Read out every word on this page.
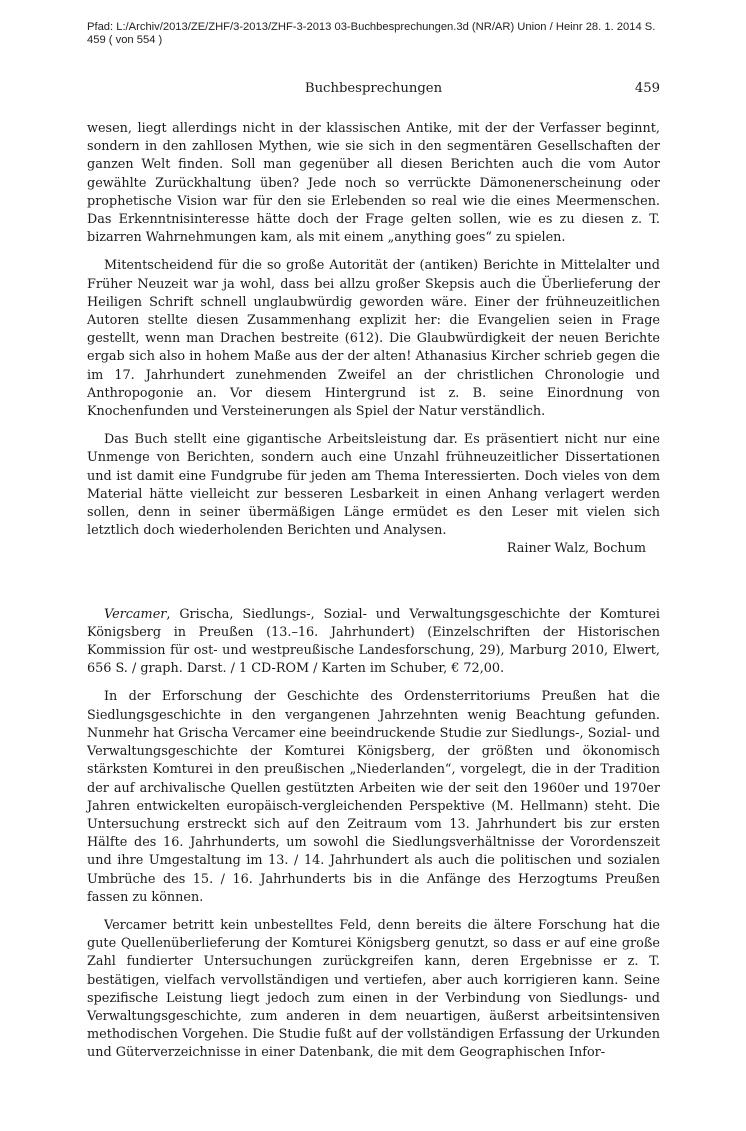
Pfad: L:/Archiv/2013/ZE/ZHF/3-2013/ZHF-3-2013 03-Buchbesprechungen.3d (NR/AR) Union / Heinr 28. 1. 2014 S. 459 ( von 554 )
Buchbesprechungen	459

wesen, liegt allerdings nicht in der klassischen Antike, mit der der Verfasser beginnt, sondern in den zahllosen Mythen, wie sie sich in den segmentären Gesellschaften der ganzen Welt finden. Soll man gegenüber all diesen Berichten auch die vom Autor gewählte Zurückhaltung üben? Jede noch so verrückte Dämonenerscheinung oder prophetische Vision war für den sie Erlebenden so real wie die eines Meermenschen. Das Erkenntnisinteresse hätte doch der Frage gelten sollen, wie es zu diesen z. T. bizarren Wahrnehmungen kam, als mit einem „anything goes“ zu spielen.

Mitentscheidend für die so große Autorität der (antiken) Berichte in Mittelalter und Früher Neuzeit war ja wohl, dass bei allzu großer Skepsis auch die Überlieferung der Heiligen Schrift schnell unglaubwürdig geworden wäre. Einer der frühneuzeitlichen Autoren stellte diesen Zusammenhang explizit her: die Evangelien seien in Frage gestellt, wenn man Drachen bestreite (612). Die Glaubwürdigkeit der neuen Berichte ergab sich also in hohem Maße aus der der alten! Athanasius Kircher schrieb gegen die im 17. Jahrhundert zunehmenden Zweifel an der christlichen Chronologie und Anthropogonie an. Vor diesem Hintergrund ist z. B. seine Einordnung von Knochenfunden und Versteinerungen als Spiel der Natur verständlich.

Das Buch stellt eine gigantische Arbeitsleistung dar. Es präsentiert nicht nur eine Unmenge von Berichten, sondern auch eine Unzahl frühneuzeitlicher Dissertationen und ist damit eine Fundgrube für jeden am Thema Interessierten. Doch vieles von dem Material hätte vielleicht zur besseren Lesbarkeit in einen Anhang verlagert werden sollen, denn in seiner übermäßigen Länge ermüdet es den Leser mit vielen sich letztlich doch wiederholenden Berichten und Analysen.

Rainer Walz, Bochum

Vercamer, Grischa, Siedlungs-, Sozial- und Verwaltungsgeschichte der Komturei Königsberg in Preußen (13.–16. Jahrhundert) (Einzelschriften der Historischen Kommission für ost- und westpreußische Landesforschung, 29), Marburg 2010, Elwert, 656 S. / graph. Darst. / 1 CD-ROM / Karten im Schuber, € 72,00.

In der Erforschung der Geschichte des Ordensterritoriums Preußen hat die Siedlungsgeschichte in den vergangenen Jahrzehnten wenig Beachtung gefunden. Nunmehr hat Grischa Vercamer eine beeindruckende Studie zur Siedlungs-, Sozial- und Verwaltungsgeschichte der Komturei Königsberg, der größten und ökonomisch stärksten Komturei in den preußischen „Niederlanden“, vorgelegt, die in der Tradition der auf archivalische Quellen gestützten Arbeiten wie der seit den 1960er und 1970er Jahren entwickelten europäisch-vergleichenden Perspektive (M. Hellmann) steht. Die Untersuchung erstreckt sich auf den Zeitraum vom 13. Jahrhundert bis zur ersten Hälfte des 16. Jahrhunderts, um sowohl die Siedlungsverhältnisse der Vorordenszeit und ihre Umgestaltung im 13. / 14. Jahrhundert als auch die politischen und sozialen Umbrüche des 15. / 16. Jahrhunderts bis in die Anfänge des Herzogtums Preußen fassen zu können.

Vercamer betritt kein unbestelltes Feld, denn bereits die ältere Forschung hat die gute Quellenüberlieferung der Komturei Königsberg genutzt, so dass er auf eine große Zahl fundierter Untersuchungen zurückgreifen kann, deren Ergebnisse er z. T. bestätigen, vielfach vervollständigen und vertiefen, aber auch korrigieren kann. Seine spezifische Leistung liegt jedoch zum einen in der Verbindung von Siedlungs- und Verwaltungsgeschichte, zum anderen in dem neuartigen, äußerst arbeitsintensiven methodischen Vorgehen. Die Studie fußt auf der vollständigen Erfassung der Urkunden und Güterverzeichnisse in einer Datenbank, die mit dem Geographischen Infor-
